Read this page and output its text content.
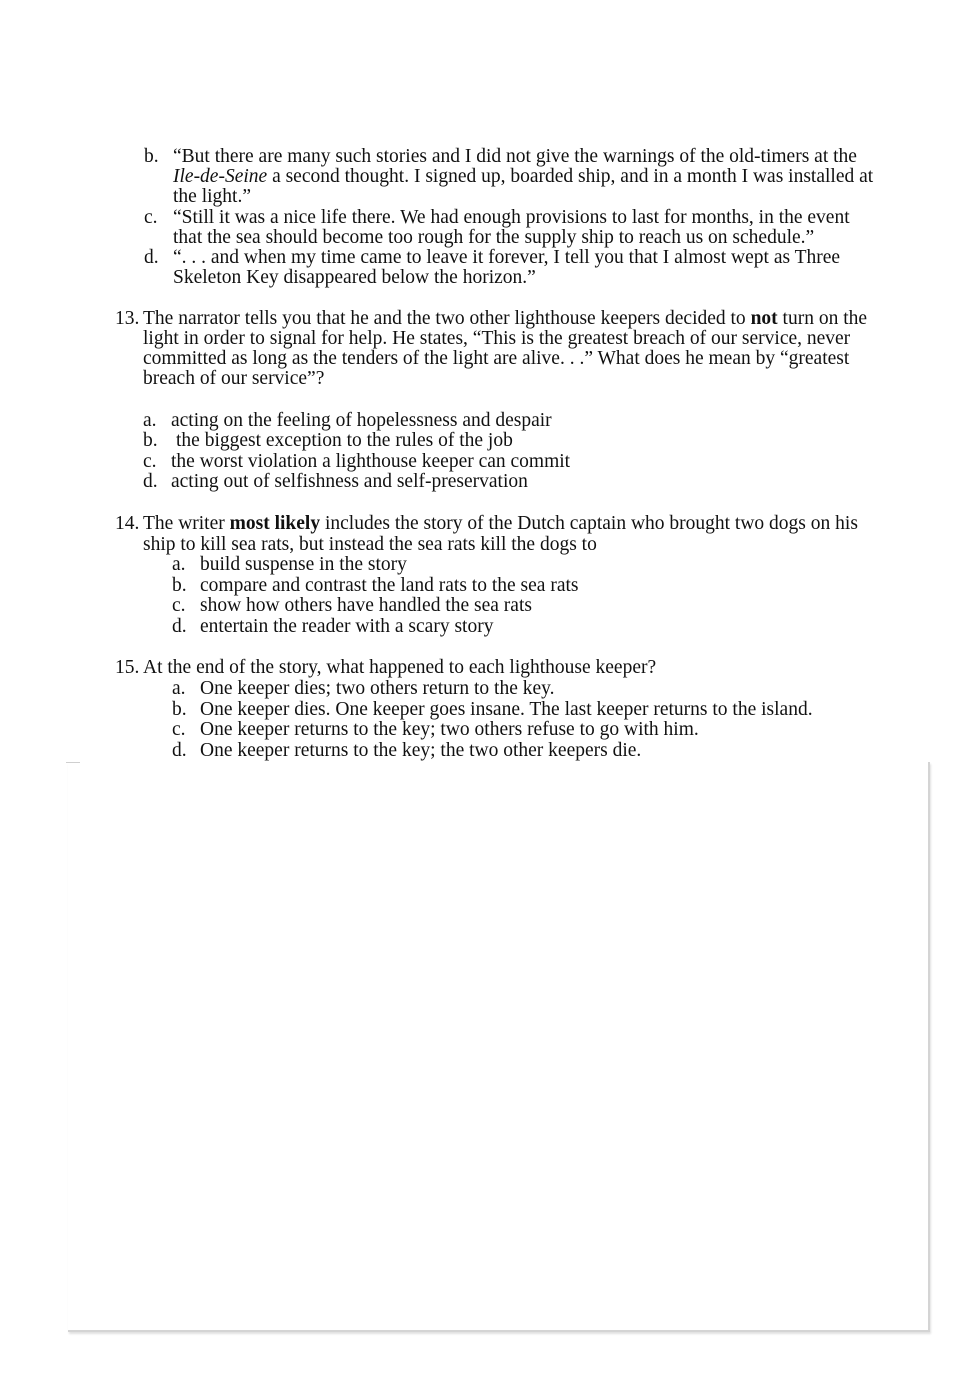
b. “But there are many such stories and I did not give the warnings of the old-timers at the
Ile-de-Seine a second thought. I signed up, boarded ship, and in a month I was installed at
the light.”
c. “Still it was a nice life there. We had enough provisions to last for months, in the event
that the sea should become too rough for the supply ship to reach us on schedule.”
d. “. . . and when my time came to leave it forever, I tell you that I almost wept as Three
Skeleton Key disappeared below the horizon.”
13. The narrator tells you that he and the two other lighthouse keepers decided to not turn on the
light in order to signal for help. He states, “This is the greatest breach of our service, never
committed as long as the tenders of the light are alive. . .” What does he mean by “greatest
breach of our service”?
a. acting on the feeling of hopelessness and despair
b. the biggest exception to the rules of the job
c. the worst violation a lighthouse keeper can commit
d. acting out of selfishness and self-preservation
14. The writer most likely includes the story of the Dutch captain who brought two dogs on his
ship to kill sea rats, but instead the sea rats kill the dogs to
a. build suspense in the story
b. compare and contrast the land rats to the sea rats
c. show how others have handled the sea rats
d. entertain the reader with a scary story
15. At the end of the story, what happened to each lighthouse keeper?
a. One keeper dies; two others return to the key.
b. One keeper dies. One keeper goes insane. The last keeper returns to the island.
c. One keeper returns to the key; two others refuse to go with him.
d. One keeper returns to the key; the two other keepers die.
